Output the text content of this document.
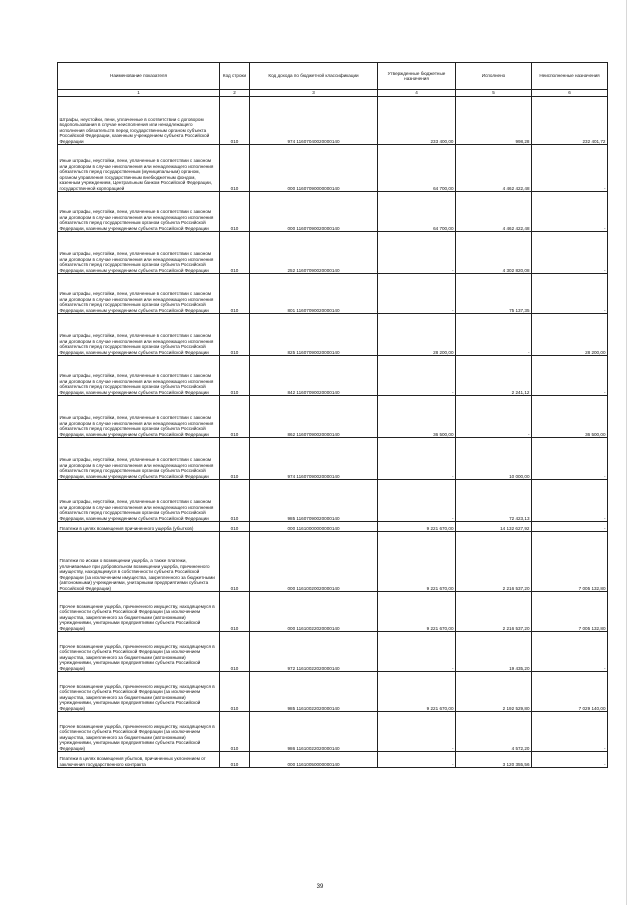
Наименование показателя	Код строки	Код дохода по бюджетной классификации	Утвержденные бюджетные назначения	Исполнено	Неисполненные назначения
1	2	3	4	5	6
Штрафы, неустойки, пени, уплаченные в соответствии с договором водопользования в случае неисполнения или ненадлежащего исполнения обязательств перед государственным органом субъекта Российской Федерации, казенным учреждением субъекта Российской Федерации	010	974 11607040020000140	233 400,00	998,28	232 401,72
Иные штрафы, неустойки, пени, уплаченные в соответствии с законом или договором в случае неисполнения или ненадлежащего исполнения обязательств перед государственным (муниципальным) органом, органом управления государственным внебюджетным фондом, казенным учреждением, Центральным банком Российской Федерации, государственной корпорацией	010	000 11607090000000140	64 700,00	4 462 422,48	-
Иные штрафы, неустойки, пени, уплаченные в соответствии с законом или договором в случае неисполнения или ненадлежащего исполнения обязательств перед государственным органом субъекта Российской Федерации, казенным учреждением субъекта Российской Федерации	010	000 11607090020000140	64 700,00	4 462 422,48	-
Иные штрафы, неустойки, пени, уплаченные в соответствии с законом или договором в случае неисполнения или ненадлежащего исполнения обязательств перед государственным органом субъекта Российской Федерации, казенным учреждением субъекта Российской Федерации	010	252 11607090020000140	-	4 302 820,08	-
Иные штрафы, неустойки, пени, уплаченные в соответствии с законом или договором в случае неисполнения или ненадлежащего исполнения обязательств перед государственным органом субъекта Российской Федерации, казенным учреждением субъекта Российской Федерации	010	801 11607090020000140	-	75 137,35	-
Иные штрафы, неустойки, пени, уплаченные в соответствии с законом или договором в случае неисполнения или ненадлежащего исполнения обязательств перед государственным органом субъекта Российской Федерации, казенным учреждением субъекта Российской Федерации	010	825 11607090020000140	28 200,00	-	28 200,00
Иные штрафы, неустойки, пени, уплаченные в соответствии с законом или договором в случае неисполнения или ненадлежащего исполнения обязательств перед государственным органом субъекта Российской Федерации, казенным учреждением субъекта Российской Федерации	010	842 11607090020000140	-	2 241,12	-
Иные штрафы, неустойки, пени, уплаченные в соответствии с законом или договором в случае неисполнения или ненадлежащего исполнения обязательств перед государственным органом субъекта Российской Федерации, казенным учреждением субъекта Российской Федерации	010	862 11607090020000140	36 500,00	-	36 500,00
Иные штрафы, неустойки, пени, уплаченные в соответствии с законом или договором в случае неисполнения или ненадлежащего исполнения обязательств перед государственным органом субъекта Российской Федерации, казенным учреждением субъекта Российской Федерации	010	974 11607090020000140	-	10 000,00	-
Иные штрафы, неустойки, пени, уплаченные в соответствии с законом или договором в случае неисполнения или ненадлежащего исполнения обязательств перед государственным органом субъекта Российской Федерации, казенным учреждением субъекта Российской Федерации	010	985 11607090020000140	-	72 423,13	-
Платежи в целях возмещения причиненного ущерба (убытков)	010	000 11610000000000140	9 221 670,00	14 132 627,92	-
Платежи по искам о возмещении ущерба, а также платежи, уплачиваемые при добровольном возмещении ущерба, причиненного имуществу, находящемуся в собственности субъекта Российской Федерации (за исключением имущества, закрепленного за бюджетными (автономными) учреждениями, унитарными предприятиями субъекта Российской Федерации)	010	000 11610020020000140	9 221 670,00	2 216 537,20	7 005 132,80
Прочее возмещение ущерба, причиненного имуществу, находящемуся в собственности субъекта Российской Федерации (за исключением имущества, закрепленного за бюджетными (автономными) учреждениями, унитарными предприятиями субъекта Российской Федерации)	010	000 11610022020000140	9 221 670,00	2 216 537,20	7 005 132,80
Прочее возмещение ущерба, причиненного имуществу, находящемуся в собственности субъекта Российской Федерации (за исключением имущества, закрепленного за бюджетными (автономными) учреждениями, унитарными предприятиями субъекта Российской Федерации)	010	972 11610022020000140	-	19 435,20	-
Прочее возмещение ущерба, причиненного имуществу, находящемуся в собственности субъекта Российской Федерации (за исключением имущества, закрепленного за бюджетными (автономными) учреждениями, унитарными предприятиями субъекта Российской Федерации)	010	985 11610022020000140	9 221 670,00	2 192 529,80	7 029 140,00
Прочее возмещение ущерба, причиненного имуществу, находящемуся в собственности субъекта Российской Федерации (за исключением имущества, закрепленного за бюджетными (автономными) учреждениями, унитарными предприятиями субъекта Российской Федерации)	010	986 11610022020000140	-	4 572,20	-
Платежи в целях возмещения убытков, причиненных уклонением от заключения государственного контракта	010	000 11610050000000140	-	3 120 355,56	-
39
